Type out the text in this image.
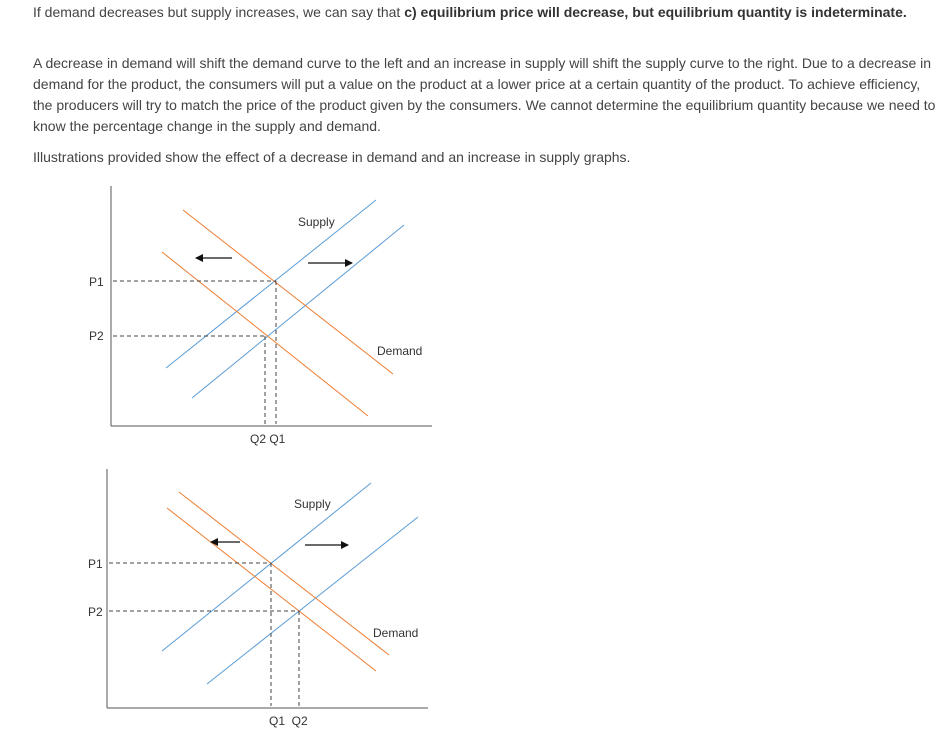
If demand decreases but supply increases, we can say that c) equilibrium price will decrease, but equilibrium quantity is indeterminate.

A decrease in demand will shift the demand curve to the left and an increase in supply will shift the supply curve to the right. Due to a decrease in demand for the product, the consumers will put a value on the product at a lower price at a certain quantity of the product. To achieve efficiency, the producers will try to match the price of the product given by the consumers. We cannot determine the equilibrium quantity because we need to know the percentage change in the supply and demand.

Illustrations provided show the effect of a decrease in demand and an increase in supply graphs.

Supply
Demand
P1
P2
Q2 Q1
Supply
Demand
P1
P2
Q1  Q2
